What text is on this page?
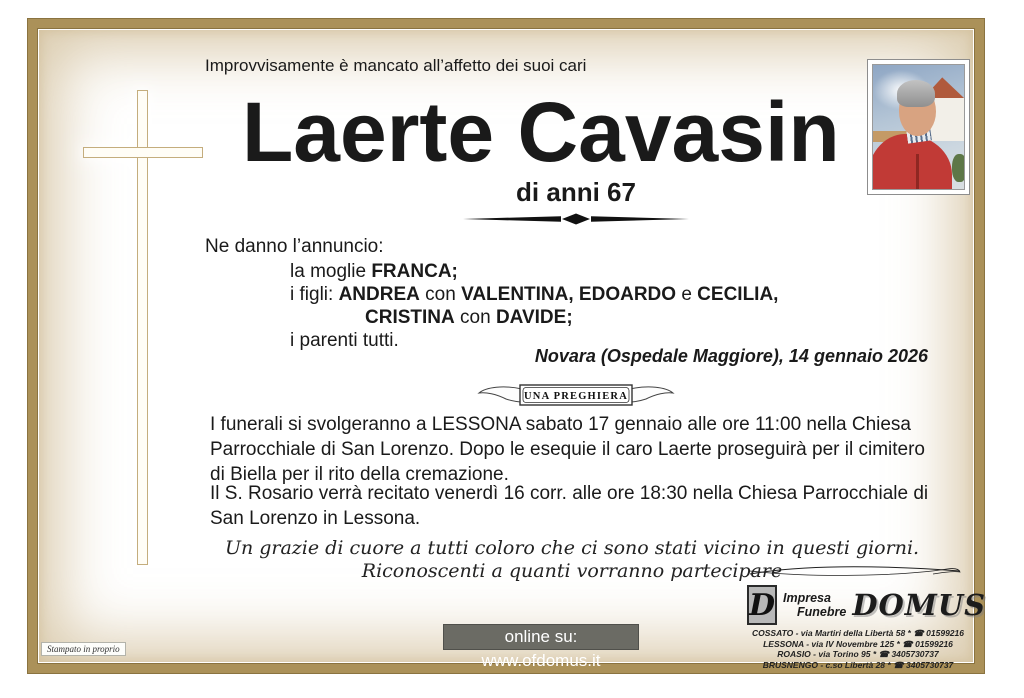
Improvvisamente è mancato all’affetto dei suoi cari
Laerte Cavasin
di anni 67
Ne danno l’annuncio:
la moglie FRANCA;
i figli: ANDREA con VALENTINA, EDOARDO e CECILIA,
CRISTINA con DAVIDE;
i parenti tutti.
Novara (Ospedale Maggiore), 14 gennaio 2026
UNA PREGHIERA
I funerali si svolgeranno a LESSONA sabato 17 gennaio alle ore 11:00 nella Chiesa Parrocchiale di San Lorenzo. Dopo le esequie il caro Laerte proseguirà per il cimitero di Biella per il rito della cremazione.
Il S. Rosario verrà recitato venerdì 16 corr. alle ore 18:30 nella Chiesa Parrocchiale di San Lorenzo in Lessona.
Un grazie di cuore a tutti coloro che ci sono stati vicino in questi giorni.
Riconoscenti a quanti vorranno partecipare
D Impresa
Funebre DOMUS
COSSATO - via Martiri della Libertà 58 * ☎ 01599216
LESSONA - via IV Novembre 125 * ☎ 01599216
ROASIO - via Torino 95 * ☎ 3405730737
BRUSNENGO - c.so Libertà 28 * ☎ 3405730737
online su: www.ofdomus.it
Stampato in proprio
